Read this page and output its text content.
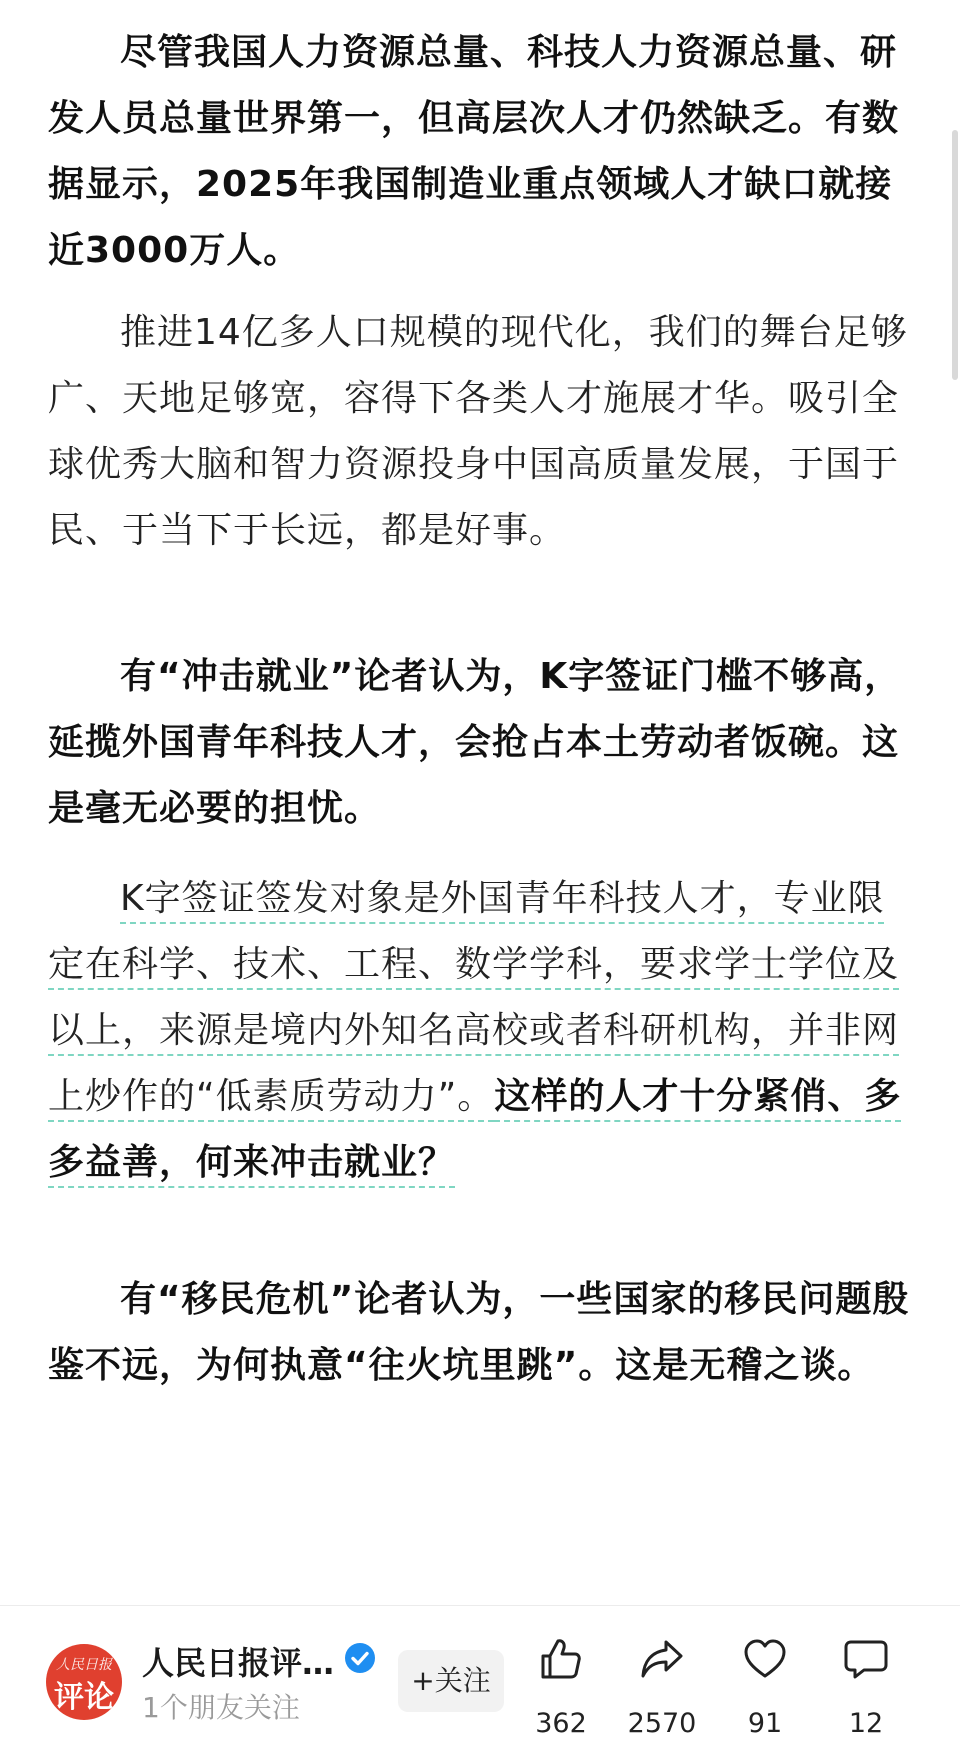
尽管我国人力资源总量、科技人力资源总量、研发人员总量世界第一，但高层次人才仍然缺乏。有数据显示，2025年我国制造业重点领域人才缺口就接近3000万人。

推进14亿多人口规模的现代化，我们的舞台足够广、天地足够宽，容得下各类人才施展才华。吸引全球优秀大脑和智力资源投身中国高质量发展，于国于民、于当下于长远，都是好事。

有“冲击就业”论者认为，K字签证门槛不够高，延揽外国青年科技人才，会抢占本土劳动者饭碗。这是毫无必要的担忧。

K字签证签发对象是外国青年科技人才，专业限定在科学、技术、工程、数学学科，要求学士学位及以上，来源是境内外知名高校或者科研机构，并非网上炒作的“低素质劳动力”。这样的人才十分紧俏、多多益善，何来冲击就业？

有“移民危机”论者认为，一些国家的移民问题殷鉴不远，为何执意“往火坑里跳”。这是无稽之谈。

人民日报
评论
人民日报评…
1个朋友关注
+关注
362	2570	91	12
